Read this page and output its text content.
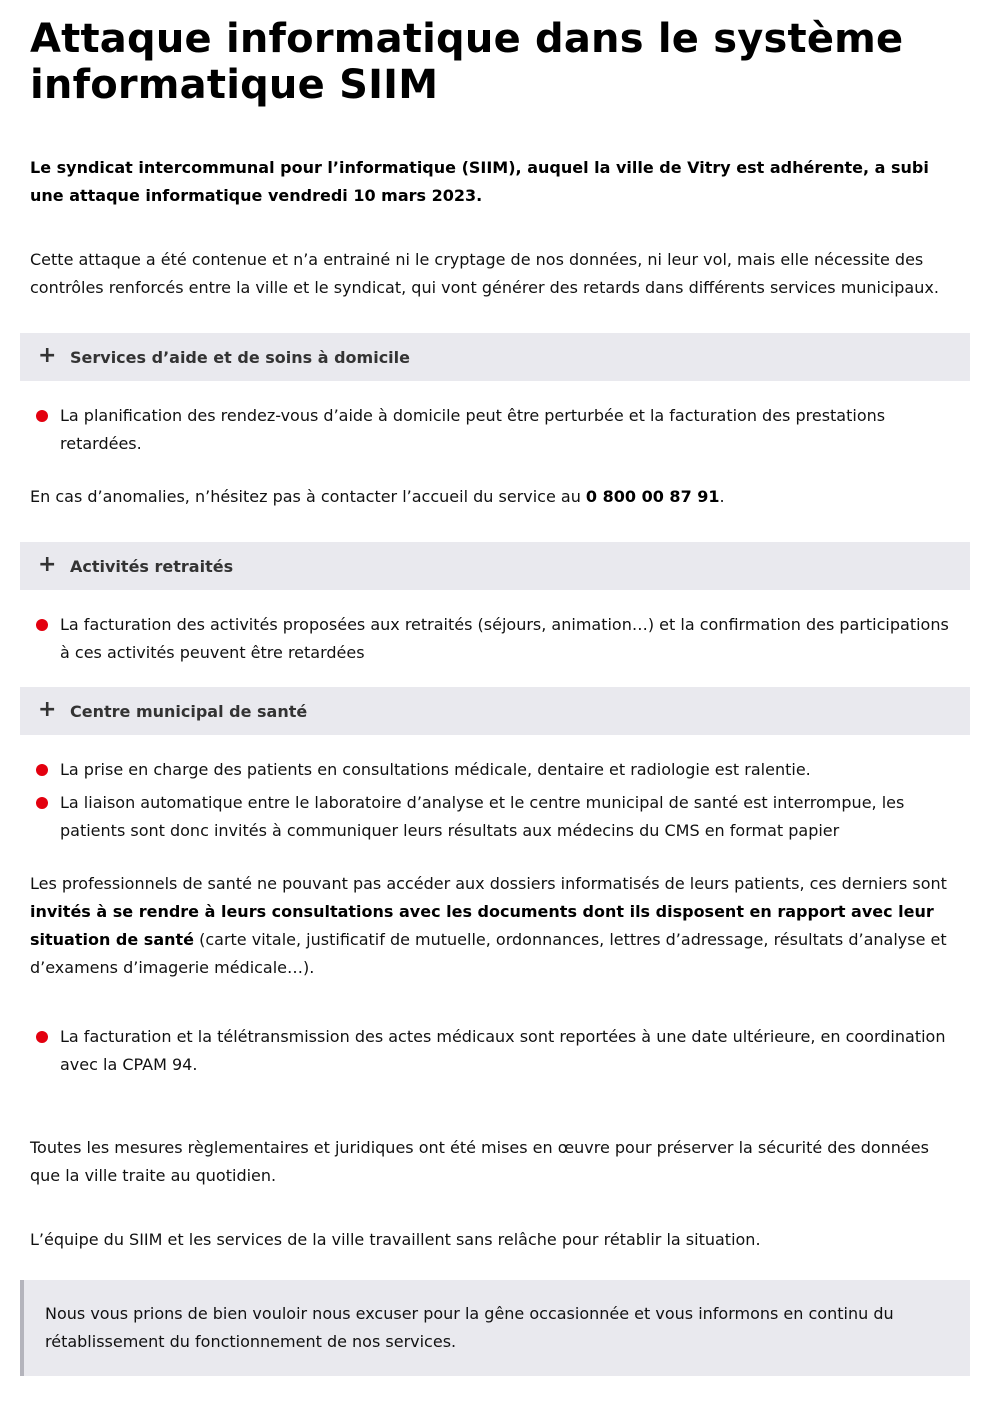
Attaque informatique dans le système informatique SIIM

Le syndicat intercommunal pour l’informatique (SIIM), auquel la ville de Vitry est adhérente, a subi une attaque informatique vendredi 10 mars 2023.

Cette attaque a été contenue et n’a entrainé ni le cryptage de nos données, ni leur vol, mais elle nécessite des contrôles renforcés entre la ville et le syndicat, qui vont générer des retards dans différents services municipaux.

+ Services d’aide et de soins à domicile
La planification des rendez-vous d’aide à domicile peut être perturbée et la facturation des prestations retardées.

En cas d’anomalies, n’hésitez pas à contacter l’accueil du service au 0 800 00 87 91.

+ Activités retraités
La facturation des activités proposées aux retraités (séjours, animation…) et la confirmation des participations à ces activités peuvent être retardées
+ Centre municipal de santé
La prise en charge des patients en consultations médicale, dentaire et radiologie est ralentie.
La liaison automatique entre le laboratoire d’analyse et le centre municipal de santé est interrompue, les patients sont donc invités à communiquer leurs résultats aux médecins du CMS en format papier

Les professionnels de santé ne pouvant pas accéder aux dossiers informatisés de leurs patients, ces derniers sont invités à se rendre à leurs consultations avec les documents dont ils disposent en rapport avec leur situation de santé (carte vitale, justificatif de mutuelle, ordonnances, lettres d’adressage, résultats d’analyse et d’examens d’imagerie médicale…).

La facturation et la télétransmission des actes médicaux sont reportées à une date ultérieure, en coordination avec la CPAM 94.

Toutes les mesures règlementaires et juridiques ont été mises en œuvre pour préserver la sécurité des données que la ville traite au quotidien.

L’équipe du SIIM et les services de la ville travaillent sans relâche pour rétablir la situation.

Nous vous prions de bien vouloir nous excuser pour la gêne occasionnée et vous informons en continu du rétablissement du fonctionnement de nos services.
